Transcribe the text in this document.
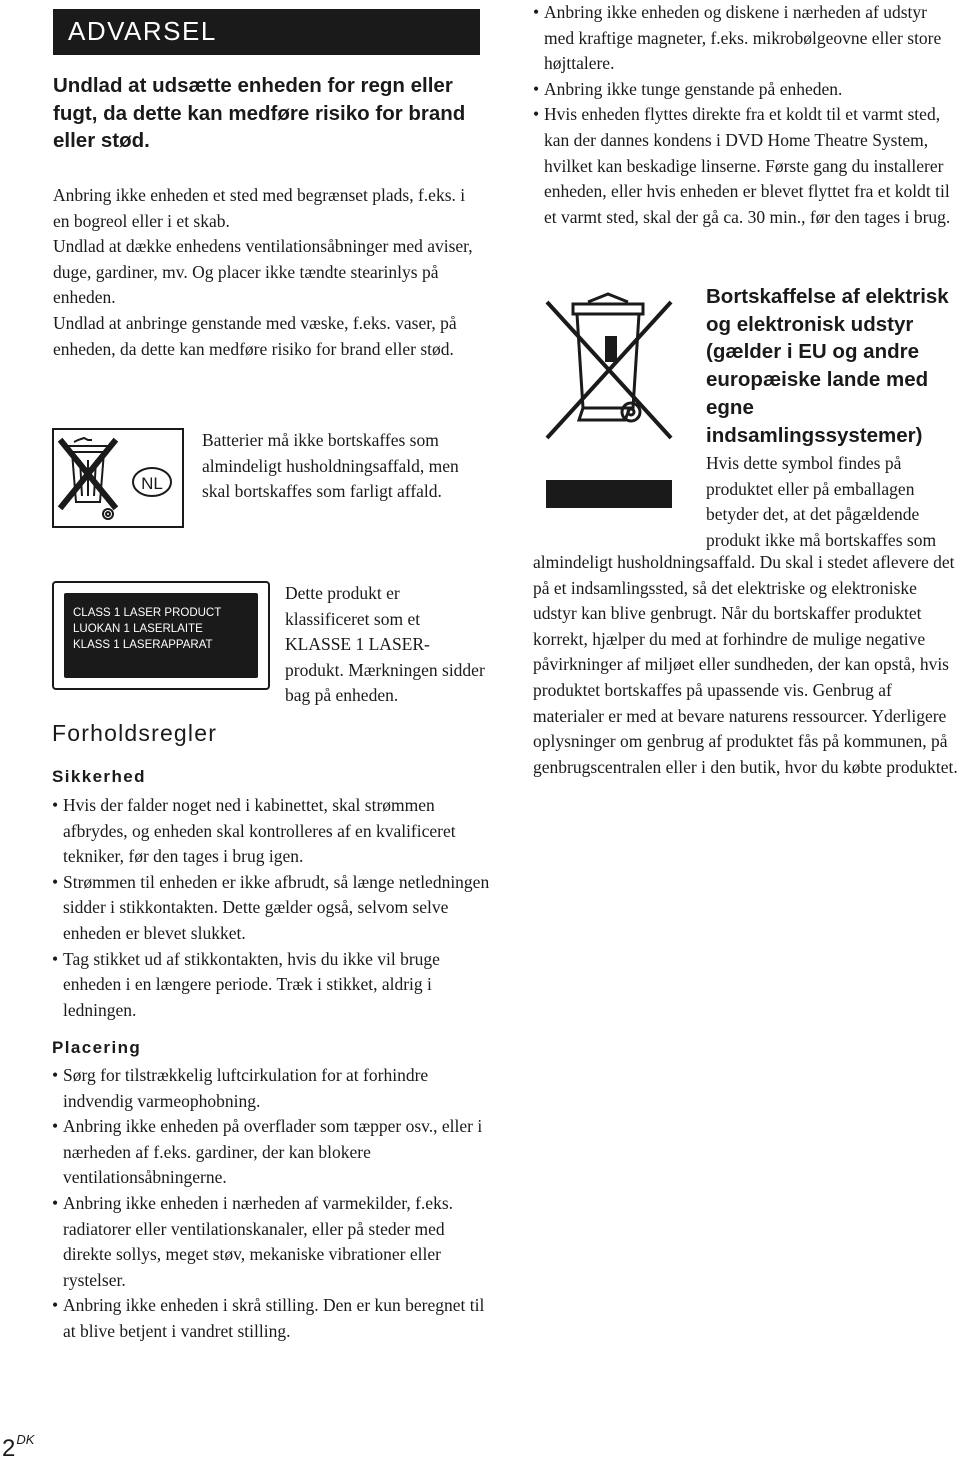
ADVARSEL
Undlad at udsætte enheden for regn eller fugt, da dette kan medføre risiko for brand eller stød.

Anbring ikke enheden et sted med begrænset plads, f.eks. i en bogreol eller i et skab.

Undlad at dække enhedens ventilationsåbninger med aviser, duge, gardiner, mv. Og placer ikke tændte stearinlys på enheden.

Undlad at anbringe genstande med væske, f.eks. vaser, på enheden, da dette kan medføre risiko for brand eller stød.

NL
Batterier må ikke bortskaffes som almindeligt husholdningsaffald, men skal bortskaffes som farligt affald.
CLASS 1 LASER PRODUCT
LUOKAN 1 LASERLAITE
KLASS 1 LASERAPPARAT
Dette produkt er klassificeret som et KLASSE 1 LASER-produkt. Mærkningen sidder bag på enheden.
Forholdsregler
Sikkerhed
• Hvis der falder noget ned i kabinettet, skal strømmen afbrydes, og enheden skal kontrolleres af en kvalificeret tekniker, før den tages i brug igen.
• Strømmen til enheden er ikke afbrudt, så længe netledningen sidder i stikkontakten. Dette gælder også, selvom selve enheden er blevet slukket.
• Tag stikket ud af stikkontakten, hvis du ikke vil bruge enheden i en længere periode. Træk i stikket, aldrig i ledningen.
Placering
• Sørg for tilstrækkelig luftcirkulation for at forhindre indvendig varmeophobning.
• Anbring ikke enheden på overflader som tæpper osv., eller i nærheden af f.eks. gardiner, der kan blokere ventilationsåbningerne.
• Anbring ikke enheden i nærheden af varmekilder, f.eks. radiatorer eller ventilationskanaler, eller på steder med direkte sollys, meget støv, mekaniske vibrationer eller rystelser.
• Anbring ikke enheden i skrå stilling. Den er kun beregnet til at blive betjent i vandret stilling.
• Anbring ikke enheden og diskene i nærheden af udstyr med kraftige magneter, f.eks. mikrobølgeovne eller store højttalere.
• Anbring ikke tunge genstande på enheden.
• Hvis enheden flyttes direkte fra et koldt til et varmt sted, kan der dannes kondens i DVD Home Theatre System, hvilket kan beskadige linserne. Første gang du installerer enheden, eller hvis enheden er blevet flyttet fra et koldt til et varmt sted, skal der gå ca. 30 min., før den tages i brug.
Bortskaffelse af elektrisk og elektronisk udstyr (gælder i EU og andre europæiske lande med egne indsamlingssystemer)
Hvis dette symbol findes på produktet eller på emballagen betyder det, at det pågældende produkt ikke må bortskaffes som
almindeligt husholdningsaffald. Du skal i stedet aflevere det på et indsamlingssted, så det elektriske og elektroniske udstyr kan blive genbrugt. Når du bortskaffer produktet korrekt, hjælper du med at forhindre de mulige negative påvirkninger af miljøet eller sundheden, der kan opstå, hvis produktet bortskaffes på upassende vis. Genbrug af materialer er med at bevare naturens ressourcer. Yderligere oplysninger om genbrug af produktet fås på kommunen, på genbrugscentralen eller i den butik, hvor du købte produktet.
$2^{DK}$
